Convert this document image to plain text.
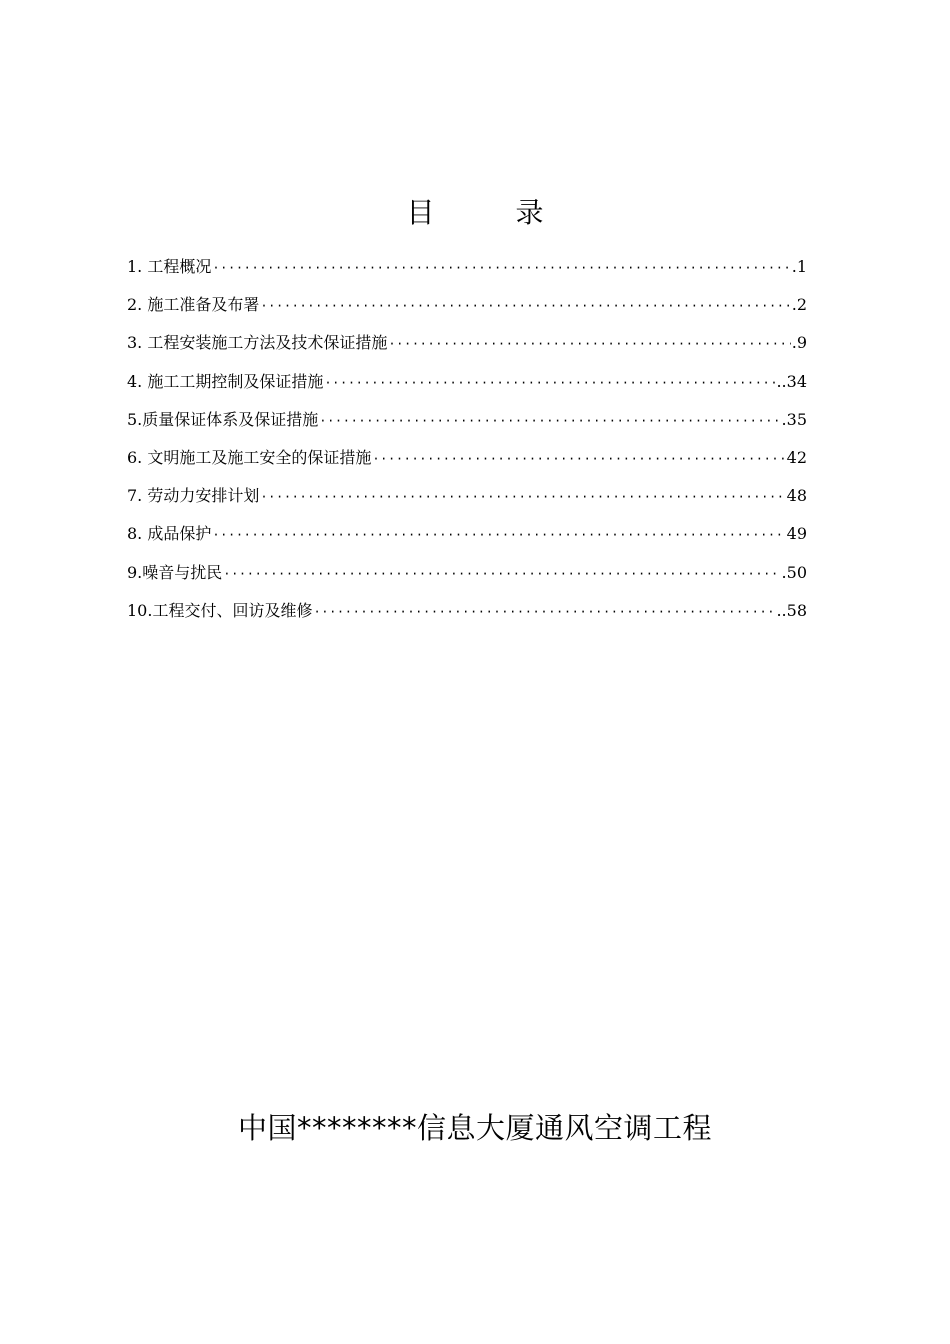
目 录
1. 工程概况 ·····	.1
2. 施工准备及布署 ·····	.2
3. 工程安装施工方法及技术保证措施 ·····	.9
4. 施工工期控制及保证措施 ·····	..34
5.质量保证体系及保证措施 ·····	.35
6. 文明施工及施工安全的保证措施 ·····	42
7. 劳动力安排计划 ·····	48
8. 成品保护 ·····	49
9.噪音与扰民 ·····	.50
10.工程交付、回访及维修 ·····	..58
中国********信息大厦通风空调工程
